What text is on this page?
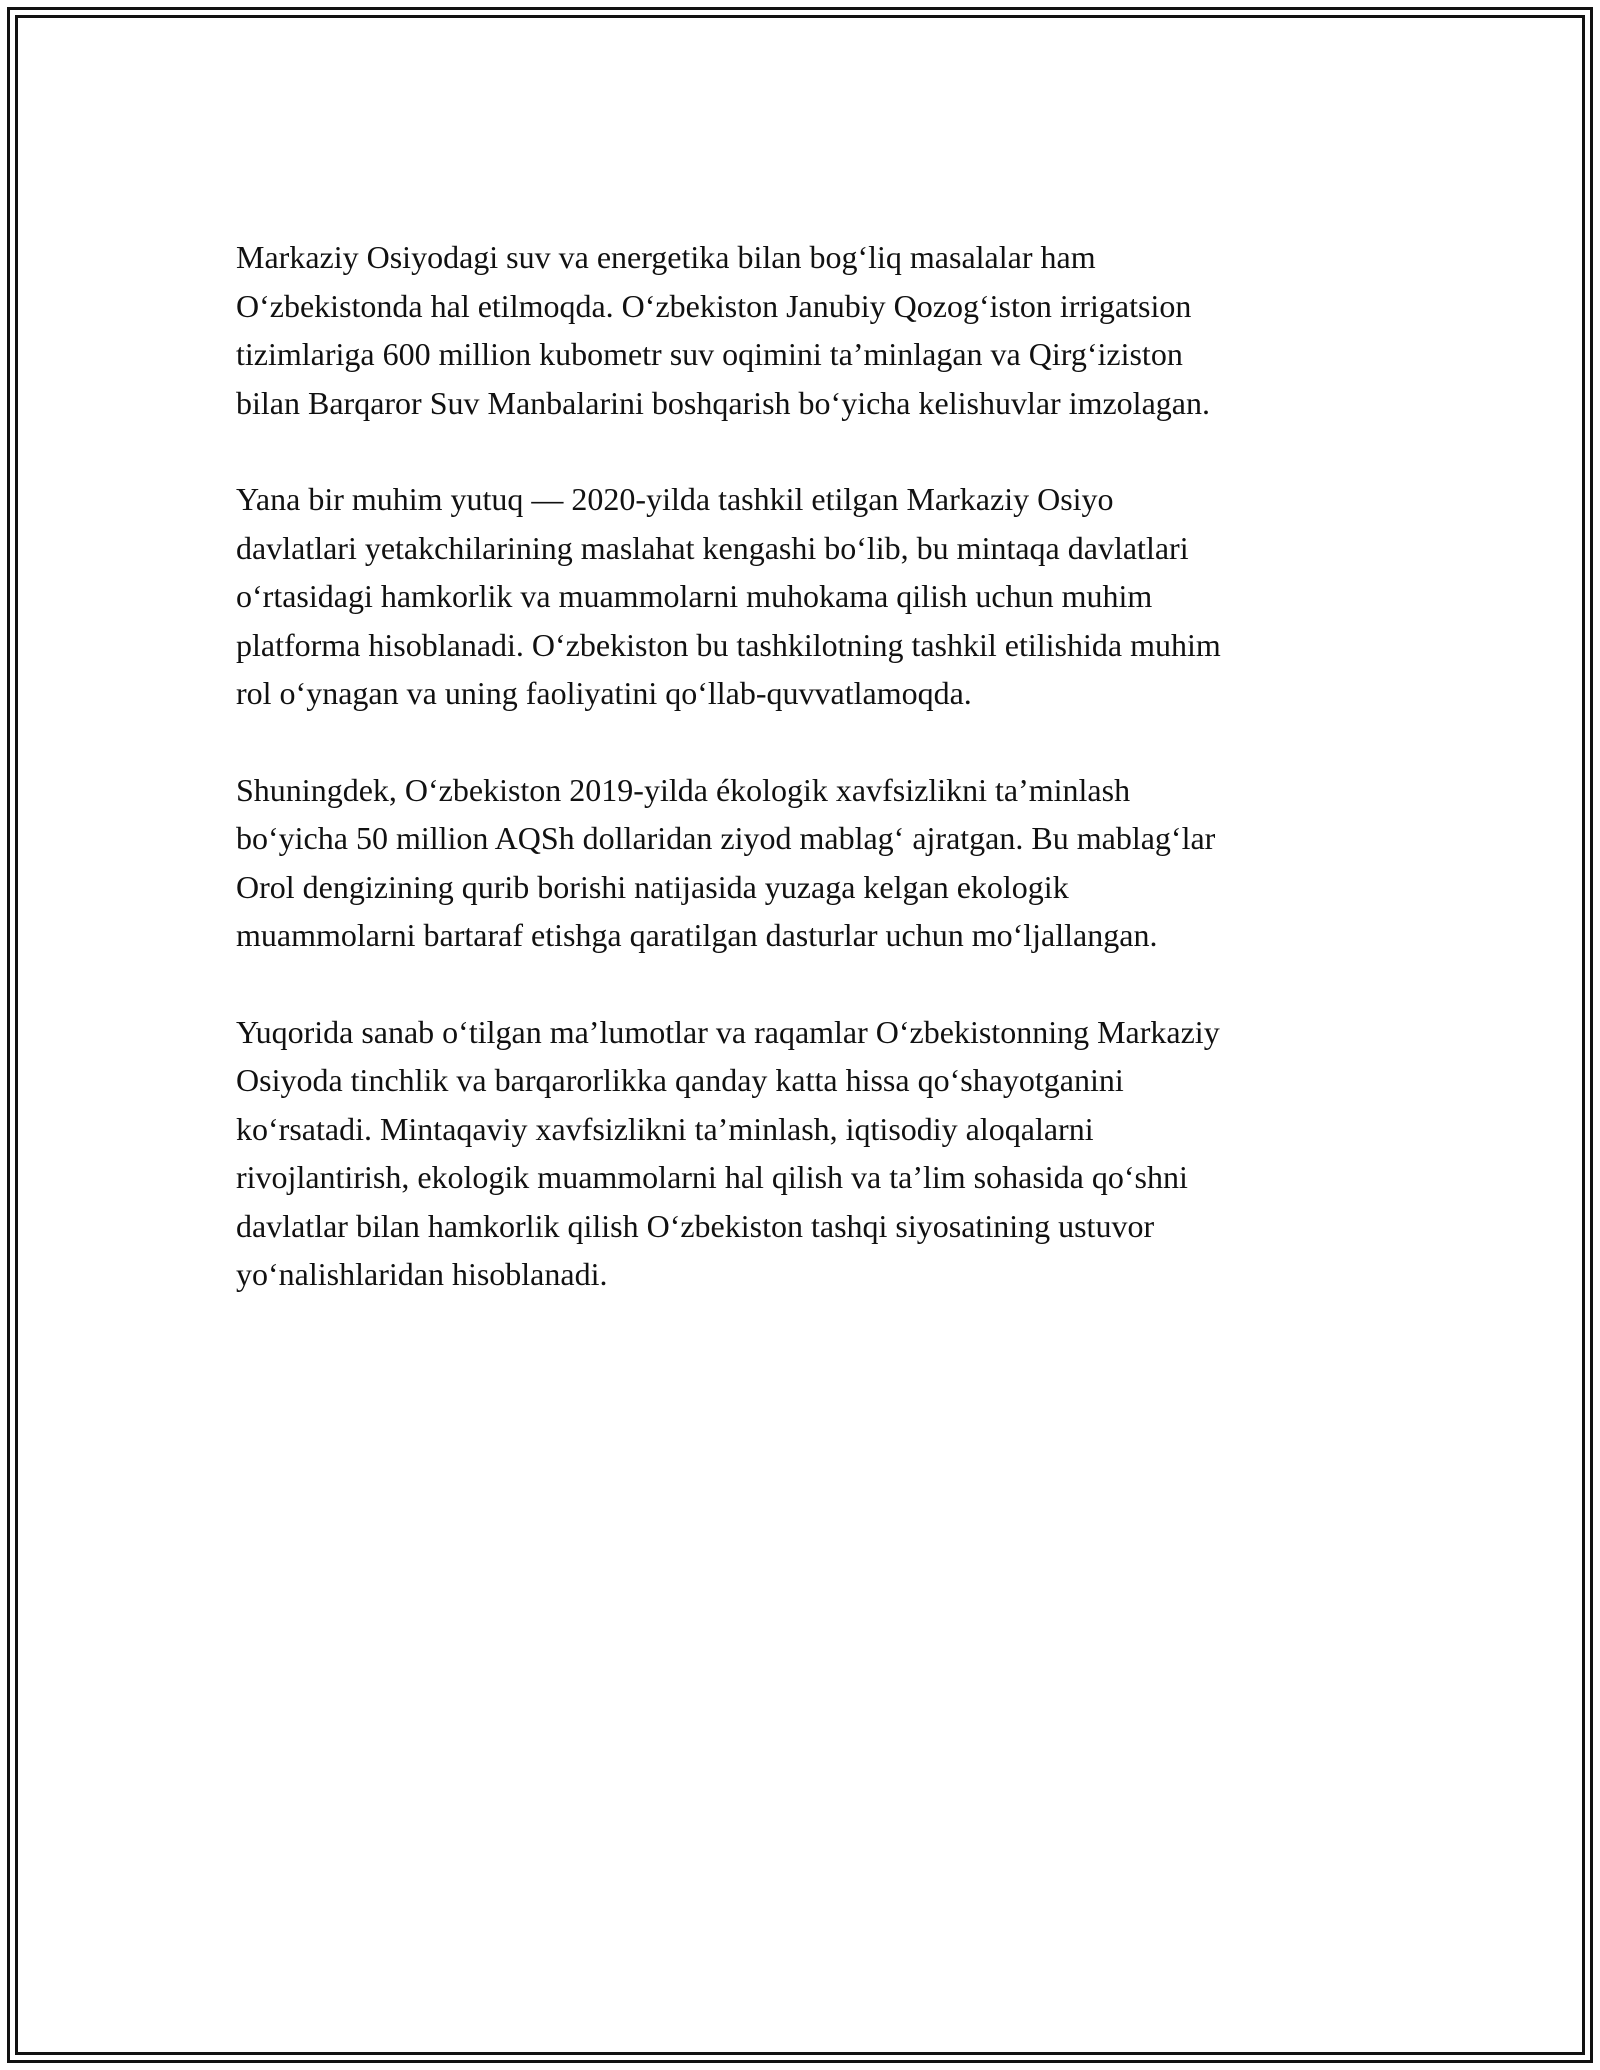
Markaziy Osiyodagi suv va energetika bilan bog‘liq masalalar ham
O‘zbekistonda hal etilmoqda. O‘zbekiston Janubiy Qozog‘iston irrigatsion
tizimlariga 600 million kubometr suv oqimini ta’minlagan va Qirg‘iziston
bilan Barqaror Suv Manbalarini boshqarish bo‘yicha kelishuvlar imzolagan.

Yana bir muhim yutuq — 2020-yilda tashkil etilgan Markaziy Osiyo
davlatlari yetakchilarining maslahat kengashi bo‘lib, bu mintaqa davlatlari
o‘rtasidagi hamkorlik va muammolarni muhokama qilish uchun muhim
platforma hisoblanadi. O‘zbekiston bu tashkilotning tashkil etilishida muhim
rol o‘ynagan va uning faoliyatini qo‘llab-quvvatlamoqda.

Shuningdek, O‘zbekiston 2019-yilda ékologik xavfsizlikni ta’minlash
bo‘yicha 50 million AQSh dollaridan ziyod mablag‘ ajratgan. Bu mablag‘lar
Orol dengizining qurib borishi natijasida yuzaga kelgan ekologik
muammolarni bartaraf etishga qaratilgan dasturlar uchun mo‘ljallangan.

Yuqorida sanab o‘tilgan ma’lumotlar va raqamlar O‘zbekistonning Markaziy
Osiyoda tinchlik va barqarorlikka qanday katta hissa qo‘shayotganini
ko‘rsatadi. Mintaqaviy xavfsizlikni ta’minlash, iqtisodiy aloqalarni
rivojlantirish, ekologik muammolarni hal qilish va ta’lim sohasida qo‘shni
davlatlar bilan hamkorlik qilish O‘zbekiston tashqi siyosatining ustuvor
yo‘nalishlaridan hisoblanadi.
